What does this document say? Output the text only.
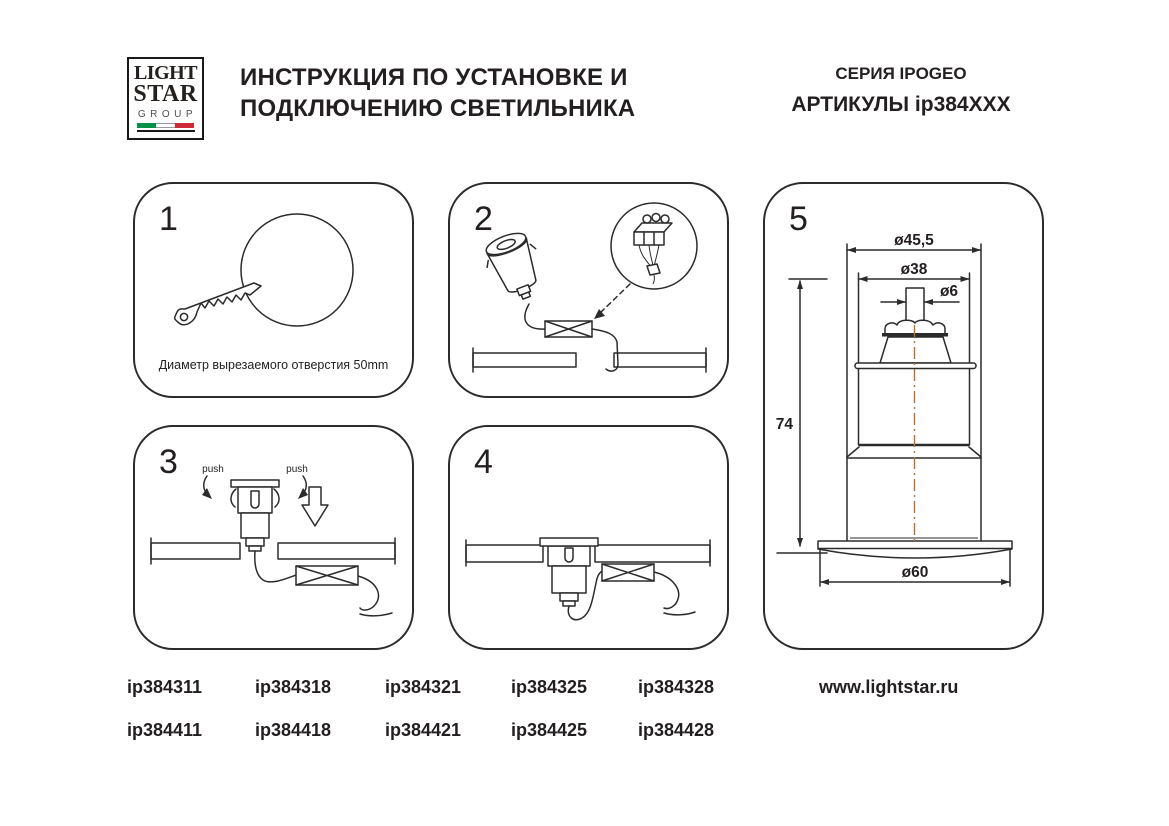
LIGHT
STAR
GROUP
ИНСТРУКЦИЯ ПО УСТАНОВКЕ И
ПОДКЛЮЧЕНИЮ СВЕТИЛЬНИКА
СЕРИЯ IPOGEO
АРТИКУЛЫ ip384XXX
1
Диаметр вырезаемого отверстия 50mm
2
push	push
3	4
ø45,5
ø38
ø6
74
ø60
5
ip384311	ip384318	ip384321	ip384325	ip384328	www.lightstar.ru
ip384411	ip384418	ip384421	ip384425	ip384428
